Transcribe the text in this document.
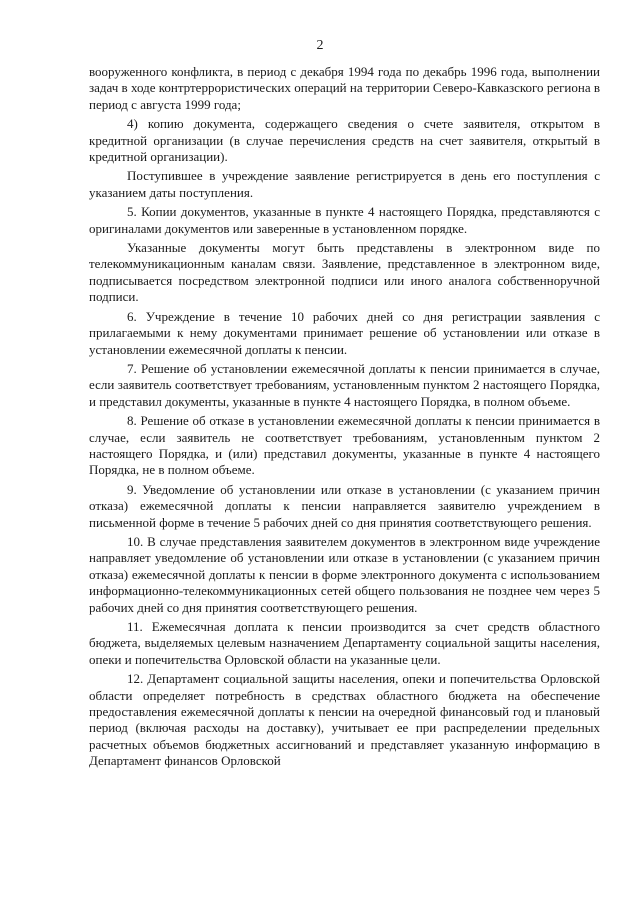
2

вооруженного конфликта, в период с декабря 1994 года по декабрь 1996 года, выполнении задач в ходе контртеррористических операций на территории Северо-Кавказского региона в период с августа 1999 года;

4) копию документа, содержащего сведения о счете заявителя, открытом в кредитной организации (в случае перечисления средств на счет заявителя, открытый в кредитной организации).

Поступившее в учреждение заявление регистрируется в день его поступления с указанием даты поступления.

5. Копии документов, указанные в пункте 4 настоящего Порядка, представляются с оригиналами документов или заверенные в установленном порядке.

Указанные документы могут быть представлены в электронном виде по телекоммуникационным каналам связи. Заявление, представленное в электронном виде, подписывается посредством электронной подписи или иного аналога собственноручной подписи.

6. Учреждение в течение 10 рабочих дней со дня регистрации заявления с прилагаемыми к нему документами принимает решение об установлении или отказе в установлении ежемесячной доплаты к пенсии.

7. Решение об установлении ежемесячной доплаты к пенсии принимается в случае, если заявитель соответствует требованиям, установленным пунктом 2 настоящего Порядка, и представил документы, указанные в пункте 4 настоящего Порядка, в полном объеме.

8. Решение об отказе в установлении ежемесячной доплаты к пенсии принимается в случае, если заявитель не соответствует требованиям, установленным пунктом 2 настоящего Порядка, и (или) представил документы, указанные в пункте 4 настоящего Порядка, не в полном объеме.

9. Уведомление об установлении или отказе в установлении (с указанием причин отказа) ежемесячной доплаты к пенсии направляется заявителю учреждением в письменной форме в течение 5 рабочих дней со дня принятия соответствующего решения.

10. В случае представления заявителем документов в электронном виде учреждение направляет уведомление об установлении или отказе в установлении (с указанием причин отказа) ежемесячной доплаты к пенсии в форме электронного документа с использованием информационно-телекоммуникационных сетей общего пользования не позднее чем через 5 рабочих дней со дня принятия соответствующего решения.

11. Ежемесячная доплата к пенсии производится за счет средств областного бюджета, выделяемых целевым назначением Департаменту социальной защиты населения, опеки и попечительства Орловской области на указанные цели.

12. Департамент социальной защиты населения, опеки и попечительства Орловской области определяет потребность в средствах областного бюджета на обеспечение предоставления ежемесячной доплаты к пенсии на очередной финансовый год и плановый период (включая расходы на доставку), учитывает ее при распределении предельных расчетных объемов бюджетных ассигнований и представляет указанную информацию в Департамент финансов Орловской
